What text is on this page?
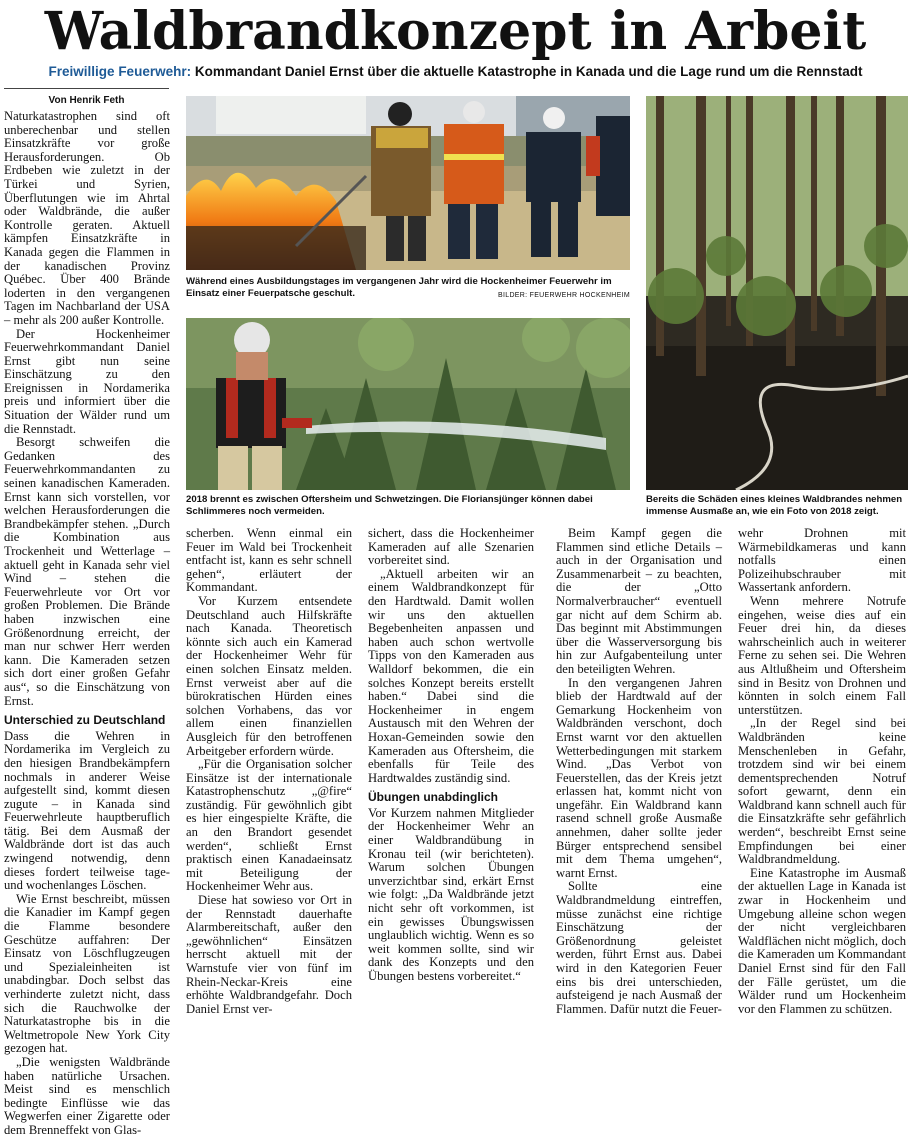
Waldbrandkonzept in Arbeit
Freiwillige Feuerwehr: Kommandant Daniel Ernst über die aktuelle Katastrophe in Kanada und die Lage rund um die Rennstadt
Von Henrik Feth
Während eines Ausbildungstages im vergangenen Jahr wird die Hockenheimer Feuerwehr im Einsatz einer Feuerpatsche geschult.	BILDER: FEUERWEHR HOCKENHEIM
2018 brennt es zwischen Oftersheim und Schwetzingen. Die Floriansjünger können dabei Schlimmeres noch vermeiden.
Bereits die Schäden eines kleines Waldbrandes nehmen immense Ausmaße an, wie ein Foto von 2018 zeigt.

Naturkatastrophen sind oft unberechenbar und stellen Einsatzkräfte vor große Herausforderungen. Ob Erdbeben wie zuletzt in der Türkei und Syrien, Überflutungen wie im Ahrtal oder Waldbrände, die außer Kontrolle geraten. Aktuell kämpfen Einsatzkräfte in Kanada gegen die Flammen in der kanadischen Provinz Québec. Über 400 Brände loderten in den vergangenen Tagen im Nachbarland der USA – mehr als 200 außer Kontrolle.

Der Hockenheimer Feuerwehrkommandant Daniel Ernst gibt nun seine Einschätzung zu den Ereignissen in Nordamerika preis und informiert über die Situation der Wälder rund um die Rennstadt.

Besorgt schweifen die Gedanken des Feuerwehrkommandanten zu seinen kanadischen Kameraden. Ernst kann sich vorstellen, vor welchen Herausforderungen die Brandbekämpfer stehen. „Durch die Kombination aus Trockenheit und Wetterlage – aktuell geht in Kanada sehr viel Wind – stehen die Feuerwehrleute vor Ort vor großen Problemen. Die Brände haben inzwischen eine Größenordnung erreicht, der man nur schwer Herr werden kann. Die Kameraden setzen sich dort einer großen Gefahr aus“, so die Einschätzung von Ernst.

Unterschied zu Deutschland

Dass die Wehren in Nordamerika im Vergleich zu den hiesigen Brandbekämpfern nochmals in anderer Weise aufgestellt sind, kommt diesen zugute – in Kanada sind Feuerwehrleute hauptberuflich tätig. Bei dem Ausmaß der Waldbrände dort ist das auch zwingend notwendig, denn dieses fordert teilweise tage- und wochenlanges Löschen.

Wie Ernst beschreibt, müssen die Kanadier im Kampf gegen die Flamme besondere Geschütze auffahren: Der Einsatz von Löschflugzeugen und Spezialeinheiten ist unabdingbar. Doch selbst das verhinderte zuletzt nicht, dass sich die Rauchwolke der Naturkatastrophe bis in die Weltmetropole New York City gezogen hat.

„Die wenigsten Waldbrände haben natürliche Ursachen. Meist sind es menschlich bedingte Einflüsse wie das Wegwerfen einer Zigarette oder dem Brenneffekt von Glas-

scherben. Wenn einmal ein Feuer im Wald bei Trockenheit entfacht ist, kann es sehr schnell gehen“, erläutert der Kommandant.

Vor Kurzem entsendete Deutschland auch Hilfskräfte nach Kanada. Theoretisch könnte sich auch ein Kamerad der Hockenheimer Wehr für einen solchen Einsatz melden. Ernst verweist aber auf die bürokratischen Hürden eines solchen Vorhabens, das vor allem einen finanziellen Ausgleich für den betroffenen Arbeitgeber erfordern würde.

„Für die Organisation solcher Einsätze ist der internationale Katastrophenschutz „@fire“ zuständig. Für gewöhnlich gibt es hier eingespielte Kräfte, die an den Brandort gesendet werden“, schließt Ernst praktisch einen Kanadaeinsatz mit Beteiligung der Hockenheimer Wehr aus.

Diese hat sowieso vor Ort in der Rennstadt dauerhafte Alarmbereitschaft, außer den „gewöhnlichen“ Einsätzen herrscht aktuell mit der Warnstufe vier von fünf im Rhein-Neckar-Kreis eine erhöhte Waldbrandgefahr. Doch Daniel Ernst ver-

sichert, dass die Hockenheimer Kameraden auf alle Szenarien vorbereitet sind.

„Aktuell arbeiten wir an einem Waldbrandkonzept für den Hardtwald. Damit wollen wir uns den aktuellen Begebenheiten anpassen und haben auch schon wertvolle Tipps von den Kameraden aus Walldorf bekommen, die ein solches Konzept bereits erstellt haben.“ Dabei sind die Hockenheimer in engem Austausch mit den Wehren der Hoxan-Gemeinden sowie den Kameraden aus Oftersheim, die ebenfalls für Teile des Hardtwaldes zuständig sind.

Übungen unabdinglich

Vor Kurzem nahmen Mitglieder der Hockenheimer Wehr an einer Waldbrandübung in Kronau teil (wir berichteten). Warum solchen Übungen unverzichtbar sind, erkärt Ernst wie folgt: „Da Waldbrände jetzt nicht sehr oft vorkommen, ist ein gewisses Übungswissen unglaublich wichtig. Wenn es so weit kommen sollte, sind wir dank des Konzepts und den Übungen bestens vorbereitet.“

Beim Kampf gegen die Flammen sind etliche Details – auch in der Organisation und Zusammenarbeit – zu beachten, die der „Otto Normalverbraucher“ eventuell gar nicht auf dem Schirm ab. Das beginnt mit Abstimmungen über die Wasserversorgung bis hin zur Aufgabenteilung unter den beteiligten Wehren.

In den vergangenen Jahren blieb der Hardtwald auf der Gemarkung Hockenheim von Waldbränden verschont, doch Ernst warnt vor den aktuellen Wetterbedingungen mit starkem Wind. „Das Verbot von Feuerstellen, das der Kreis jetzt erlassen hat, kommt nicht von ungefähr. Ein Waldbrand kann rasend schnell große Ausmaße annehmen, daher sollte jeder Bürger entsprechend sensibel mit dem Thema umgehen“, warnt Ernst.

Sollte eine Waldbrandmeldung eintreffen, müsse zunächst eine richtige Einschätzung der Größenordnung geleistet werden, führt Ernst aus. Dabei wird in den Kategorien Feuer eins bis drei unterschieden, aufsteigend je nach Ausmaß der Flammen. Dafür nutzt die Feuer-

wehr Drohnen mit Wärmebildkameras und kann notfalls einen Polizeihubschrauber mit Wassertank anfordern.

Wenn mehrere Notrufe eingehen, weise dies auf ein Feuer drei hin, da dieses wahrscheinlich auch in weiterer Ferne zu sehen sei. Die Wehren aus Altlußheim und Oftersheim sind in Besitz von Drohnen und könnten in solch einem Fall unterstützen.

„In der Regel sind bei Waldbränden keine Menschenleben in Gefahr, trotzdem sind wir bei einem dementsprechenden Notruf sofort gewarnt, denn ein Waldbrand kann schnell auch für die Einsatzkräfte sehr gefährlich werden“, beschreibt Ernst seine Empfindungen bei einer Waldbrandmeldung.

Eine Katastrophe im Ausmaß der aktuellen Lage in Kanada ist zwar in Hockenheim und Umgebung alleine schon wegen der nicht vergleichbaren Waldflächen nicht möglich, doch die Kameraden um Kommandant Daniel Ernst sind für den Fall der Fälle gerüstet, um die Wälder rund um Hockenheim vor den Flammen zu schützen.
